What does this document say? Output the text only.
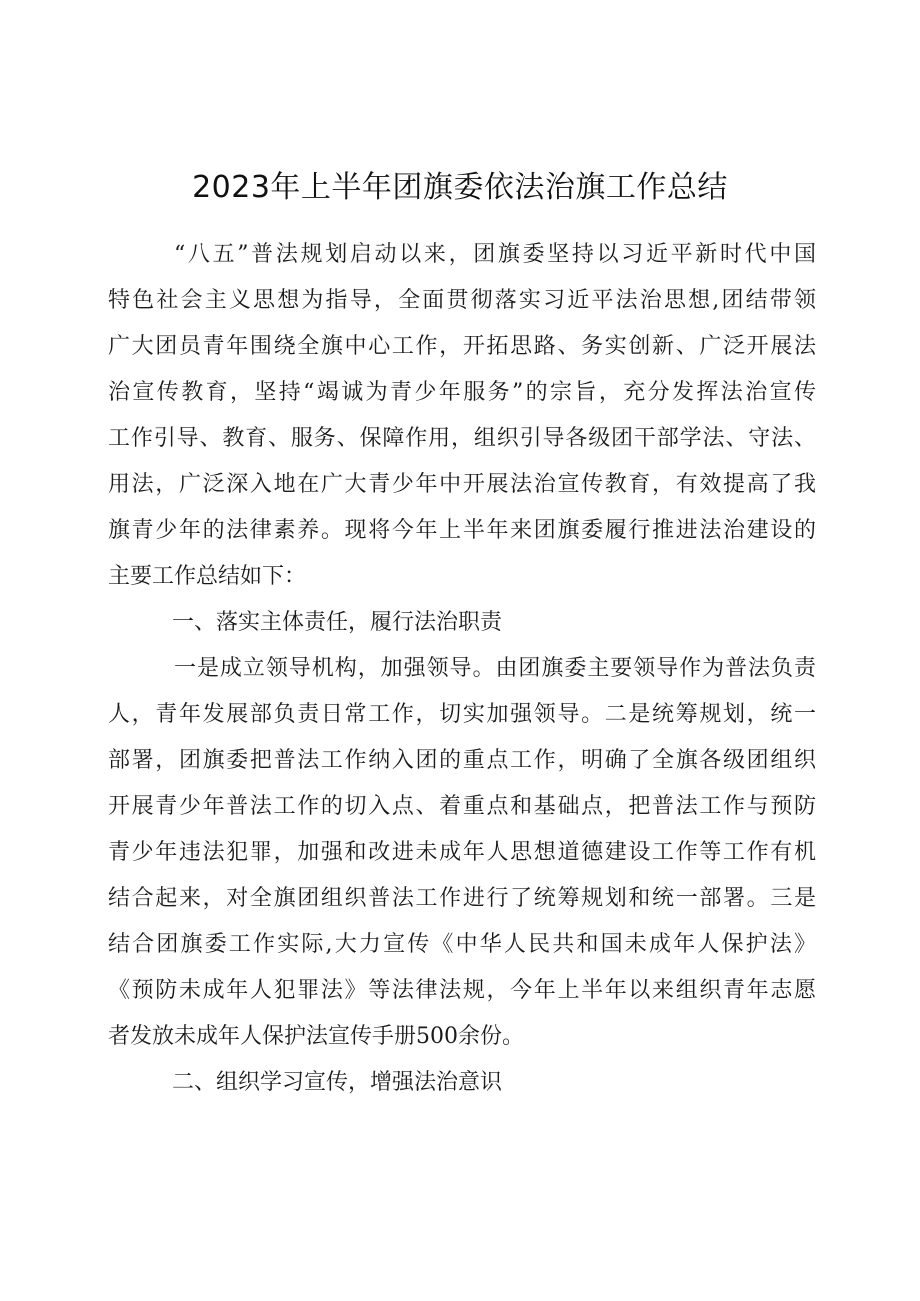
2023年上半年团旗委依法治旗工作总结
“八五”普法规划启动以来，团旗委坚持以习近平新时代中国
特色社会主义思想为指导，全面贯彻落实习近平法治思想,团结带领
广大团员青年围绕全旗中心工作，开拓思路、务实创新、广泛开展法
治宣传教育，坚持“竭诚为青少年服务”的宗旨，充分发挥法治宣传
工作引导、教育、服务、保障作用，组织引导各级团干部学法、守法、
用法，广泛深入地在广大青少年中开展法治宣传教育，有效提高了我
旗青少年的法律素养。现将今年上半年来团旗委履行推进法治建设的
主要工作总结如下：
一、落实主体责任，履行法治职责
一是成立领导机构，加强领导。由团旗委主要领导作为普法负责
人，青年发展部负责日常工作，切实加强领导。二是统筹规划，统一
部署，团旗委把普法工作纳入团的重点工作，明确了全旗各级团组织
开展青少年普法工作的切入点、着重点和基础点，把普法工作与预防
青少年违法犯罪，加强和改进未成年人思想道德建设工作等工作有机
结合起来，对全旗团组织普法工作进行了统筹规划和统一部署。三是
结合团旗委工作实际,大力宣传《中华人民共和国未成年人保护法》
《预防未成年人犯罪法》等法律法规，今年上半年以来组织青年志愿
者发放未成年人保护法宣传手册500余份。
二、组织学习宣传，增强法治意识
